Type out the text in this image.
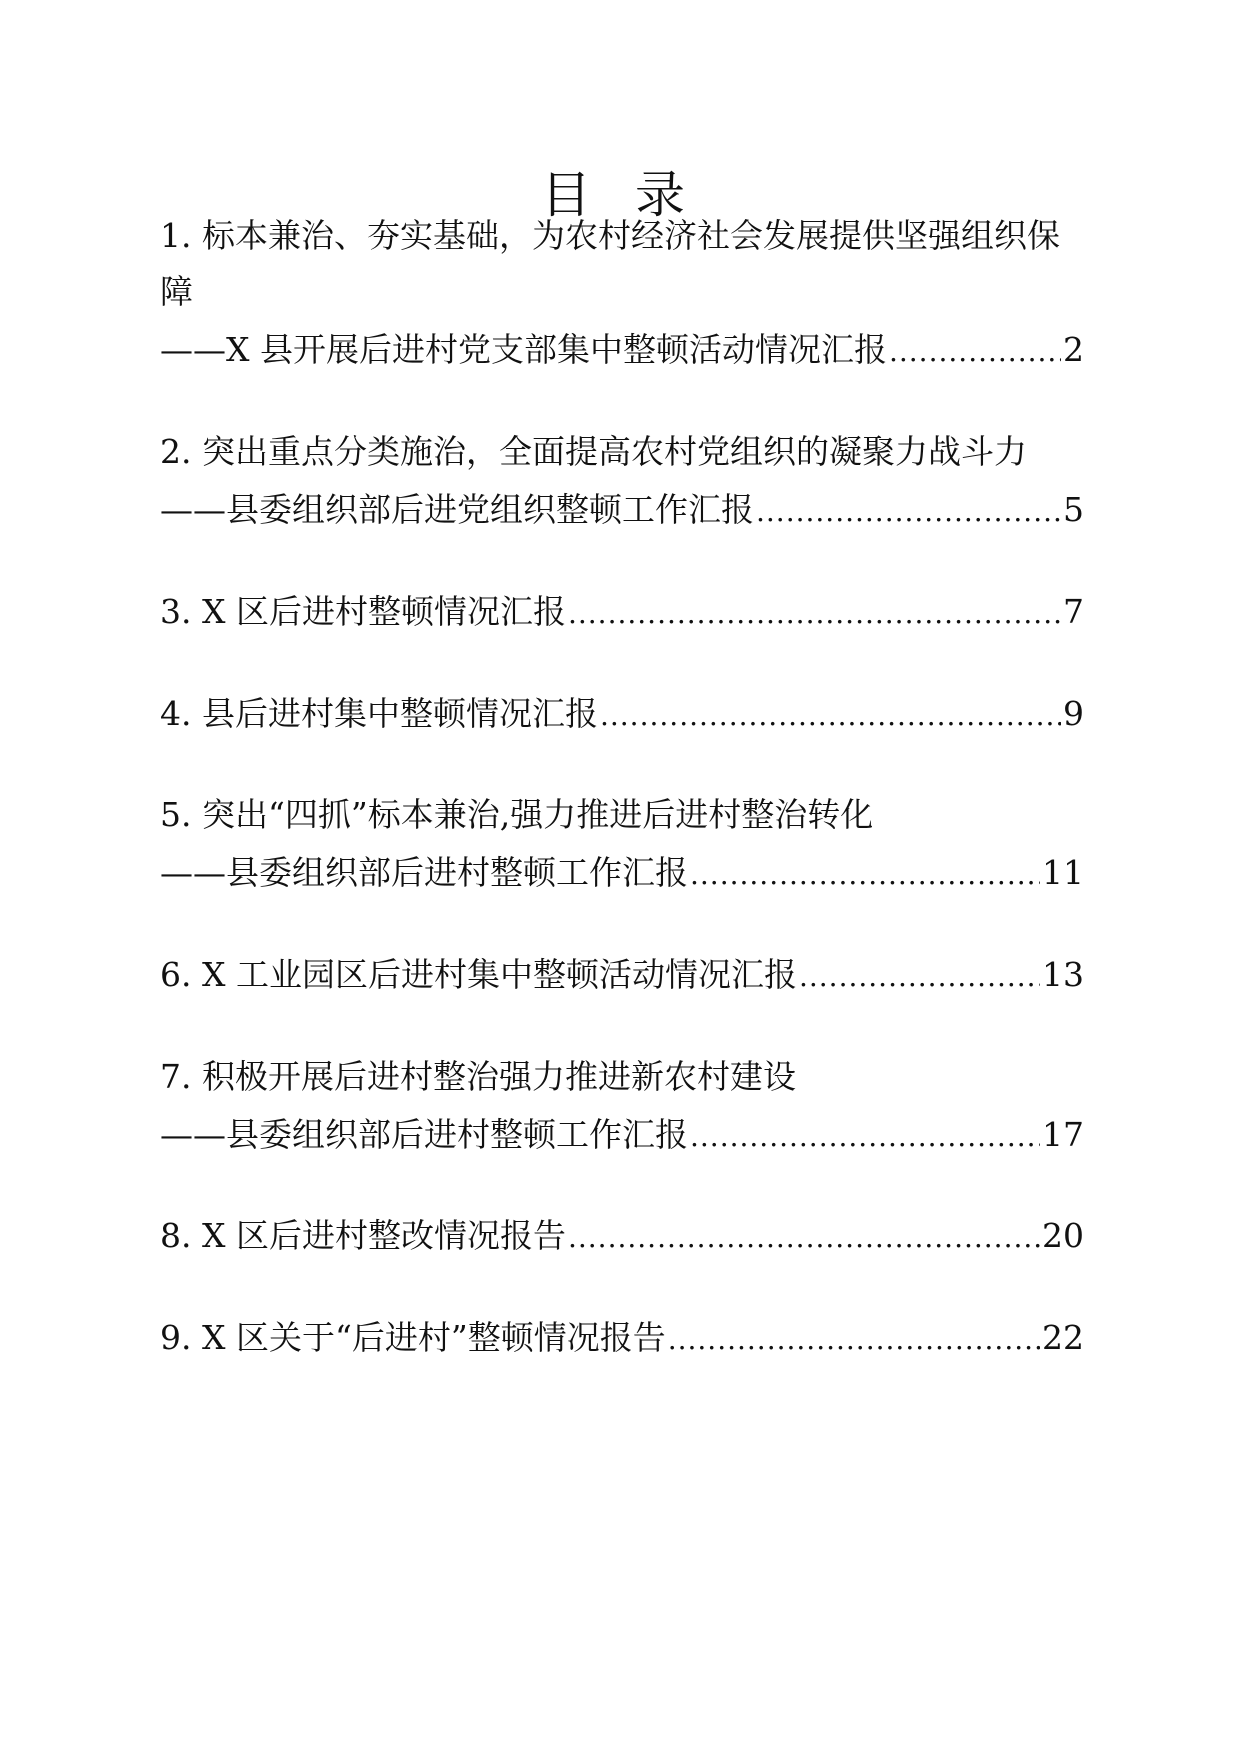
目 录
1. 标本兼治、夯实基础，为农村经济社会发展提供坚强组织保
障
——X 县开展后进村党支部集中整顿活动情况汇报 .....	2
2. 突出重点分类施治，全面提高农村党组织的凝聚力战斗力
——县委组织部后进党组织整顿工作汇报 .....	5
3. X 区后进村整顿情况汇报 .....	7
4. 县后进村集中整顿情况汇报 .....	9
5. 突出“四抓”标本兼治,强力推进后进村整治转化
——县委组织部后进村整顿工作汇报 .....	11
6. X 工业园区后进村集中整顿活动情况汇报 .....	13
7. 积极开展后进村整治强力推进新农村建设
——县委组织部后进村整顿工作汇报 .....	17
8. X 区后进村整改情况报告 .....	20
9. X 区关于“后进村”整顿情况报告 .....	22
